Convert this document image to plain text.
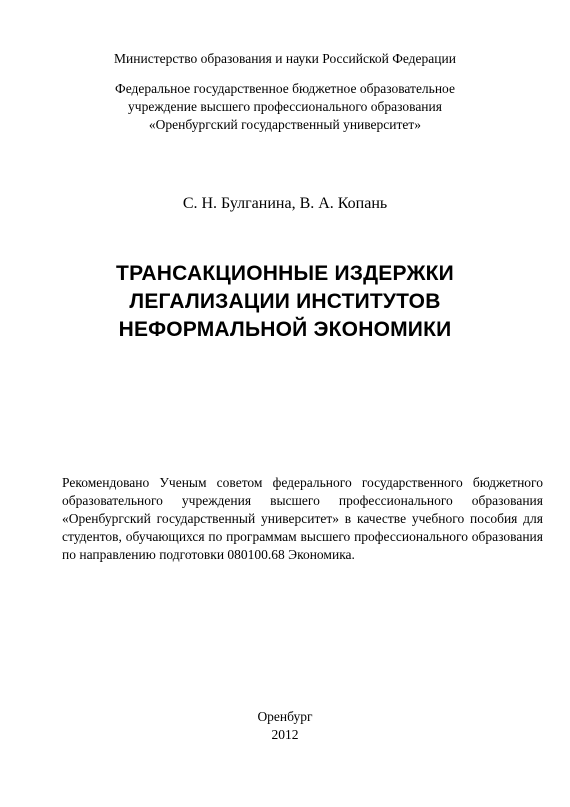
Министерство образования и науки Российской Федерации
Федеральное государственное бюджетное образовательное
учреждение высшего профессионального образования
«Оренбургский государственный университет»
С. Н. Булганина, В. А. Копань
ТРАНСАКЦИОННЫЕ ИЗДЕРЖКИ
ЛЕГАЛИЗАЦИИ ИНСТИТУТОВ
НЕФОРМАЛЬНОЙ ЭКОНОМИКИ
Рекомендовано Ученым советом федерального государственного бюджетного
образовательного учреждения высшего профессионального образования
«Оренбургский государственный университет» в качестве учебного пособия для
студентов, обучающихся по программам высшего профессионального образования
по направлению подготовки 080100.68 Экономика.
Оренбург
2012
